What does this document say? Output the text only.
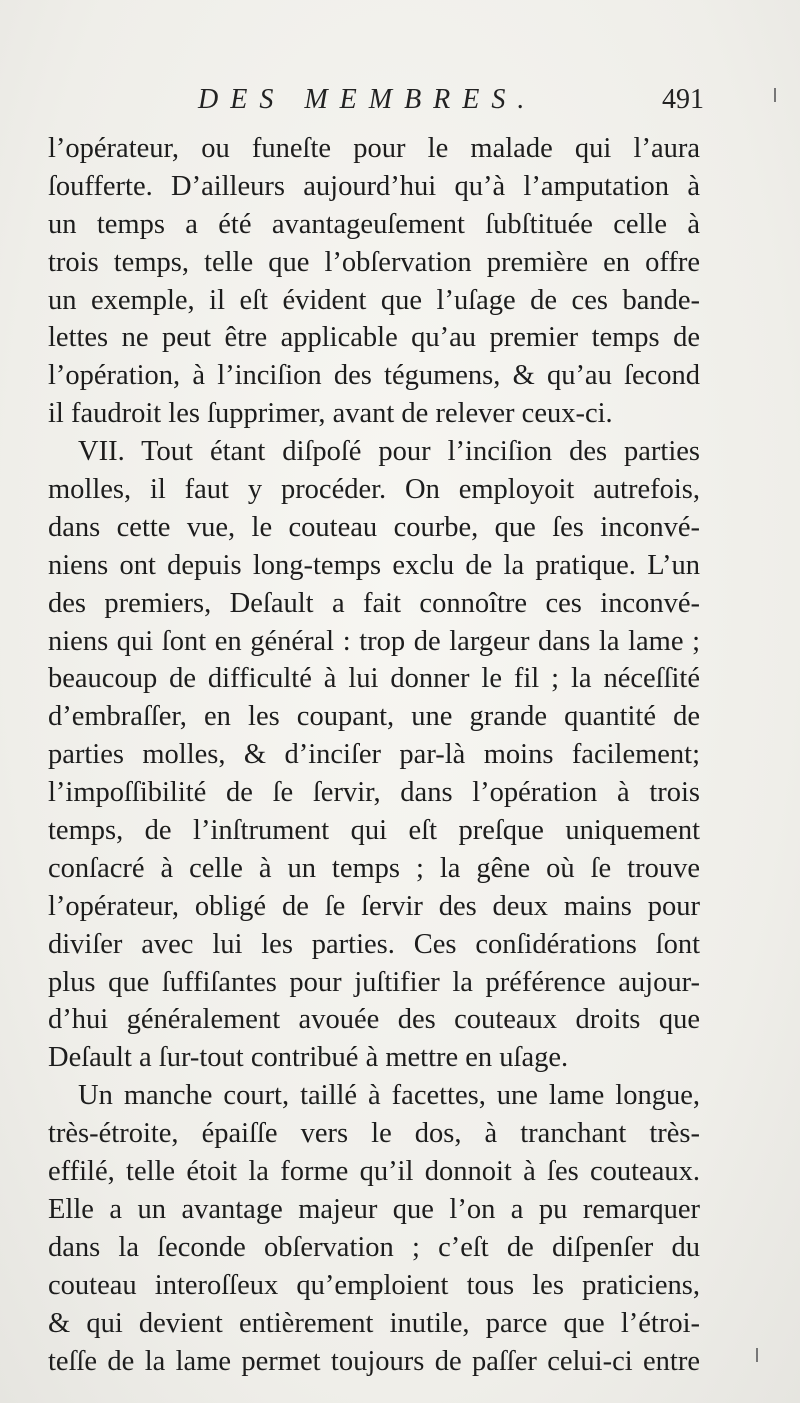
DES MEMBRES.	491
l’opérateur, ou funeſte pour le malade qui l’aura
ſoufferte. D’ailleurs aujourd’hui qu’à l’amputation à
un temps a été avantageuſement ſubſtituée celle à
trois temps, telle que l’obſervation première en offre
un exemple, il eſt évident que l’uſage de ces bande-
lettes ne peut être applicable qu’au premier temps de
l’opération, à l’inciſion des tégumens, & qu’au ſecond
il faudroit les ſupprimer, avant de relever ceux-ci.
VII. Tout étant diſpoſé pour l’inciſion des parties
molles, il faut y procéder. On employoit autrefois,
dans cette vue, le couteau courbe, que ſes inconvé-
niens ont depuis long-temps exclu de la pratique. L’un
des premiers, Deſault a fait connoître ces inconvé-
niens qui ſont en général : trop de largeur dans la lame ;
beaucoup de difficulté à lui donner le fil ; la néceſſité
d’embraſſer, en les coupant, une grande quantité de
parties molles, & d’inciſer par-là moins facilement;
l’impoſſibilité de ſe ſervir, dans l’opération à trois
temps, de l’inſtrument qui eſt preſque uniquement
conſacré à celle à un temps ; la gêne où ſe trouve
l’opérateur, obligé de ſe ſervir des deux mains pour
diviſer avec lui les parties. Ces conſidérations ſont
plus que ſuffiſantes pour juſtifier la préférence aujour-
d’hui généralement avouée des couteaux droits que
Deſault a ſur-tout contribué à mettre en uſage.
Un manche court, taillé à facettes, une lame longue,
très-étroite, épaiſſe vers le dos, à tranchant très-
effilé, telle étoit la forme qu’il donnoit à ſes couteaux.
Elle a un avantage majeur que l’on a pu remarquer
dans la ſeconde obſervation ; c’eſt de diſpenſer du
couteau interoſſeux qu’emploient tous les praticiens,
& qui devient entièrement inutile, parce que l’étroi-
teſſe de la lame permet toujours de paſſer celui-ci entre
